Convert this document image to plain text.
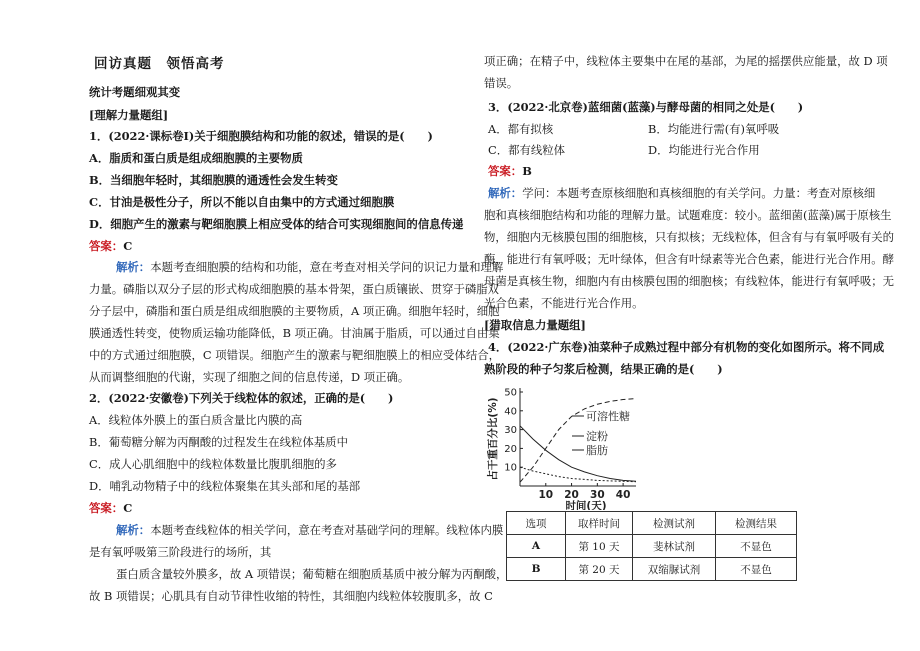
回访真题　领悟高考
统计考题细观其变
[理解力量题组]
1．(2022·课标卷Ⅰ)关于细胞膜结构和功能的叙述，错误的是(　　)
A．脂质和蛋白质是组成细胞膜的主要物质
B．当细胞年轻时，其细胞膜的通透性会发生转变
C．甘油是极性分子，所以不能以自由集中的方式通过细胞膜
D．细胞产生的激素与靶细胞膜上相应受体的结合可实现细胞间的信息传递
答案：C
解析：本题考查细胞膜的结构和功能，意在考查对相关学问的识记力量和理解
力量。磷脂以双分子层的形式构成细胞膜的基本骨架，蛋白质镶嵌、贯穿于磷脂双
分子层中，磷脂和蛋白质是组成细胞膜的主要物质，A 项正确。细胞年轻时，细胞
膜通透性转变，使物质运输功能降低，B 项正确。甘油属于脂质，可以通过自由集
中的方式通过细胞膜，C 项错误。细胞产生的激素与靶细胞膜上的相应受体结合，
从而调整细胞的代谢，实现了细胞之间的信息传递，D 项正确。
2．(2022·安徽卷)下列关于线粒体的叙述，正确的是(　　)
A．线粒体外膜上的蛋白质含量比内膜的高
B．葡萄糖分解为丙酮酸的过程发生在线粒体基质中
C．成人心肌细胞中的线粒体数量比腹肌细胞的多
D．哺乳动物精子中的线粒体聚集在其头部和尾的基部
答案：C
解析：本题考查线粒体的相关学问，意在考查对基础学问的理解。线粒体内膜
是有氧呼吸第三阶段进行的场所，其
蛋白质含量较外膜多，故 A 项错误；葡萄糖在细胞质基质中被分解为丙酮酸，
故 B 项错误；心肌具有自动节律性收缩的特性，其细胞内线粒体较腹肌多，故 C
项正确；在精子中，线粒体主要集中在尾的基部，为尾的摇摆供应能量，故 D 项
错误。
3．(2022·北京卷)蓝细菌(蓝藻)与酵母菌的相同之处是(　　)
A．都有拟核	B．均能进行需(有)氧呼吸
C．都有线粒体	D．均能进行光合作用
答案：B
解析：学问：本题考查原核细胞和真核细胞的有关学问。力量：考查对原核细
胞和真核细胞结构和功能的理解力量。试题难度：较小。蓝细菌(蓝藻)属于原核生
物，细胞内无核膜包围的细胞核，只有拟核；无线粒体，但含有与有氧呼吸有关的
酶，能进行有氧呼吸；无叶绿体，但含有叶绿素等光合色素，能进行光合作用。酵
母菌是真核生物，细胞内有由核膜包围的细胞核；有线粒体，能进行有氧呼吸；无
光合色素，不能进行光合作用。
[猎取信息力量题组]
4．(2022·广东卷)油菜种子成熟过程中部分有机物的变化如图所示。将不同成
熟阶段的种子匀浆后检测，结果正确的是(　　)
10
20
30
40
50
10 20 30 40
时间(天)
占干重百分比(%)	可溶性糖
淀粉
脂肪
选项	取样时间	检测试剂	检测结果
A	第 10 天	斐林试剂	不显色
B	第 20 天	双缩脲试剂	不显色
